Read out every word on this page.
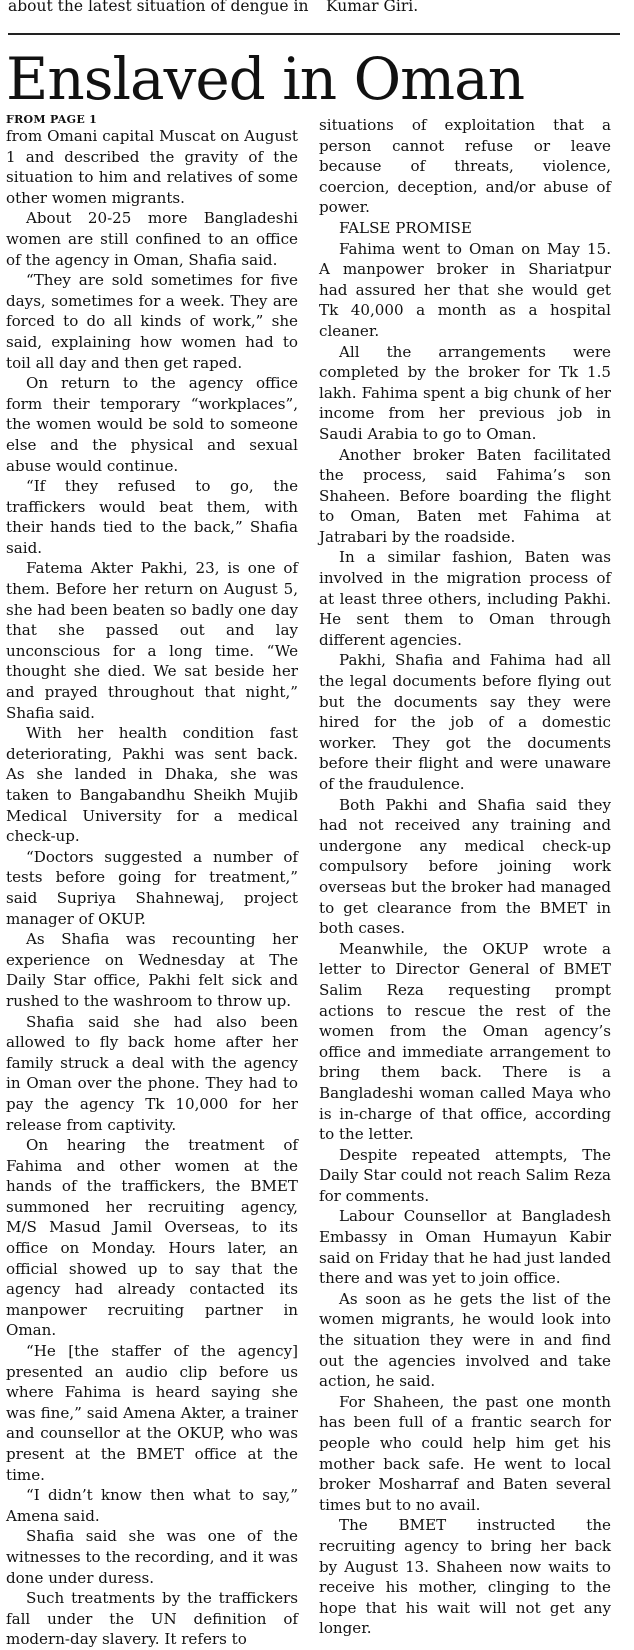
about the latest situation of dengue in Kumar Giri.
Enslaved in Oman
FROM PAGE 1

from Omani capital Muscat on August 1 and described the gravity of the situation to him and relatives of some other women migrants.

About 20-25 more Bangladeshi women are still confined to an office of the agency in Oman, Shafia said.

“They are sold sometimes for five days, sometimes for a week. They are forced to do all kinds of work,” she said, explaining how women had to toil all day and then get raped.

On return to the agency office form their temporary “workplaces”, the women would be sold to someone else and the physical and sexual abuse would continue.

“If they refused to go, the traffickers would beat them, with their hands tied to the back,” Shafia said.

Fatema Akter Pakhi, 23, is one of them. Before her return on August 5, she had been beaten so badly one day that she passed out and lay unconscious for a long time. “We thought she died. We sat beside her and prayed throughout that night,” Shafia said.

With her health condition fast deteriorating, Pakhi was sent back. As she landed in Dhaka, she was taken to Bangabandhu Sheikh Mujib Medical University for a medical check-up.

“Doctors suggested a number of tests before going for treatment,” said Supriya Shahnewaj, project manager of OKUP.

As Shafia was recounting her experience on Wednesday at The Daily Star office, Pakhi felt sick and rushed to the washroom to throw up.

Shafia said she had also been allowed to fly back home after her family struck a deal with the agency in Oman over the phone. They had to pay the agency Tk 10,000 for her release from captivity.

On hearing the treatment of Fahima and other women at the hands of the traffickers, the BMET summoned her recruiting agency, M/S Masud Jamil Overseas, to its office on Monday. Hours later, an official showed up to say that the agency had already contacted its manpower recruiting partner in Oman.

“He [the staffer of the agency] presented an audio clip before us where Fahima is heard saying she was fine,” said Amena Akter, a trainer and counsellor at the OKUP, who was present at the BMET office at the time.

“I didn’t know then what to say,” Amena said.

Shafia said she was one of the witnesses to the recording, and it was done under duress.

Such treatments by the traffickers fall under the UN definition of modern-day slavery. It refers to

situations of exploitation that a person cannot refuse or leave because of threats, violence, coercion, deception, and/or abuse of power.

FALSE PROMISE

Fahima went to Oman on May 15. A manpower broker in Shariatpur had assured her that she would get Tk 40,000 a month as a hospital cleaner.

All the arrangements were completed by the broker for Tk 1.5 lakh. Fahima spent a big chunk of her income from her previous job in Saudi Arabia to go to Oman.

Another broker Baten facilitated the process, said Fahima’s son Shaheen. Before boarding the flight to Oman, Baten met Fahima at Jatrabari by the roadside.

In a similar fashion, Baten was involved in the migration process of at least three others, including Pakhi. He sent them to Oman through different agencies.

Pakhi, Shafia and Fahima had all the legal documents before flying out but the documents say they were hired for the job of a domestic worker. They got the documents before their flight and were unaware of the fraudulence.

Both Pakhi and Shafia said they had not received any training and undergone any medical check-up compulsory before joining work overseas but the broker had managed to get clearance from the BMET in both cases.

Meanwhile, the OKUP wrote a letter to Director General of BMET Salim Reza requesting prompt actions to rescue the rest of the women from the Oman agency’s office and immediate arrangement to bring them back. There is a Bangladeshi woman called Maya who is in-charge of that office, according to the letter.

Despite repeated attempts, The Daily Star could not reach Salim Reza for comments.

Labour Counsellor at Bangladesh Embassy in Oman Humayun Kabir said on Friday that he had just landed there and was yet to join office.

As soon as he gets the list of the women migrants, he would look into the situation they were in and find out the agencies involved and take action, he said.

For Shaheen, the past one month has been full of a frantic search for people who could help him get his mother back safe. He went to local broker Mosharraf and Baten several times but to no avail.

The BMET instructed the recruiting agency to bring her back by August 13. Shaheen now waits to receive his mother, clinging to the hope that his wait will not get any longer.
